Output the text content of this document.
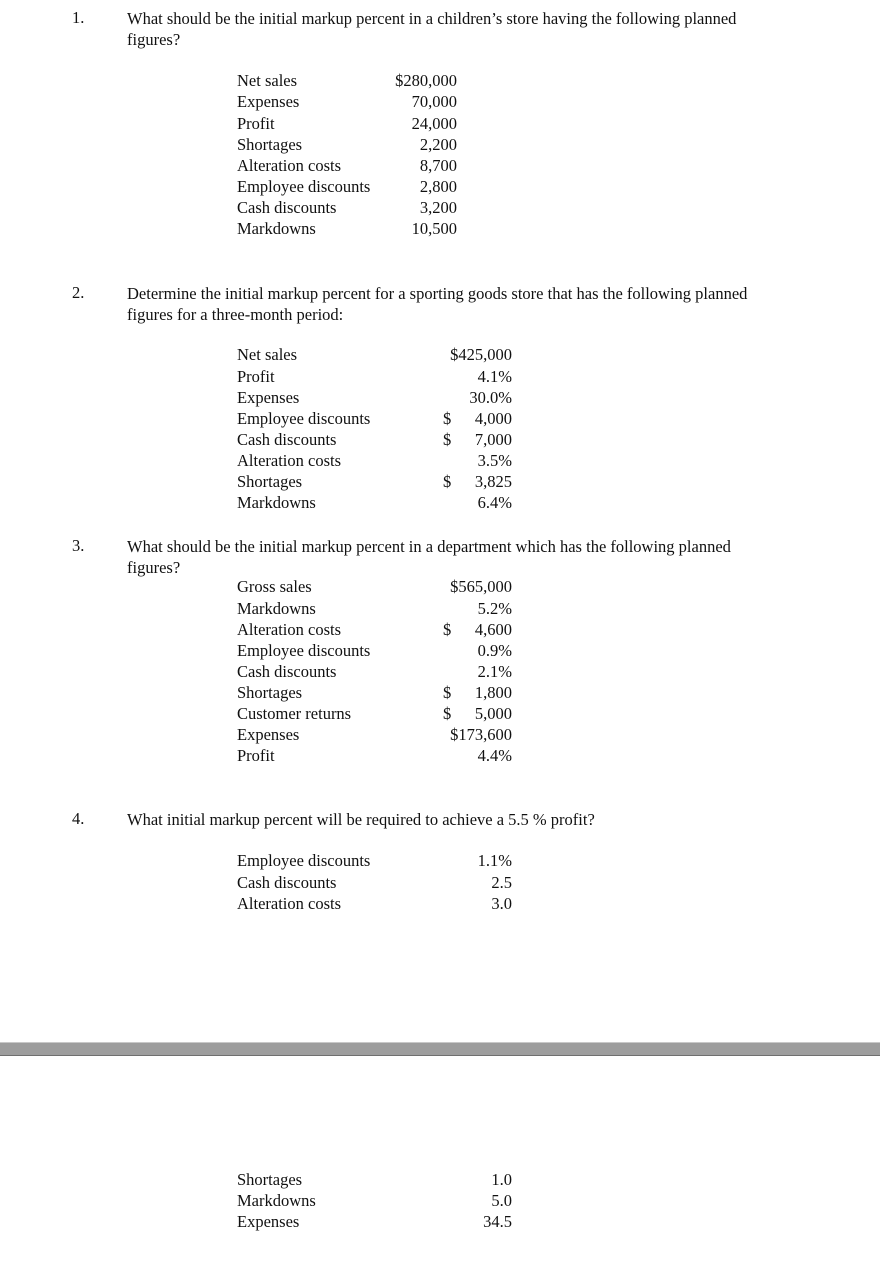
1.	What should be the initial markup percent in a children’s store having the following planned figures?
Net sales	$280,000
Expenses	70,000
Profit	24,000
Shortages	2,200
Alteration costs	8,700
Employee discounts	2,800
Cash discounts	3,200
Markdowns	10,500
2.	Determine the initial markup percent for a sporting goods store that has the following planned figures for a three-month period:
Net sales	$425,000
Profit	4.1%
Expenses	30.0%
Employee discounts	$ 4,000
Cash discounts	$ 7,000
Alteration costs	3.5%
Shortages	$ 3,825
Markdowns	6.4%
3.	What should be the initial markup percent in a department which has the following planned figures?
Gross sales	$565,000
Markdowns	5.2%
Alteration costs	$ 4,600
Employee discounts	0.9%
Cash discounts	2.1%
Shortages	$ 1,800
Customer returns	$ 5,000
Expenses	$173,600
Profit	4.4%
4.	What initial markup percent will be required to achieve a 5.5 % profit?
Employee discounts	1.1%
Cash discounts	2.5
Alteration costs	3.0
Shortages	1.0
Markdowns	5.0
Expenses	34.5
